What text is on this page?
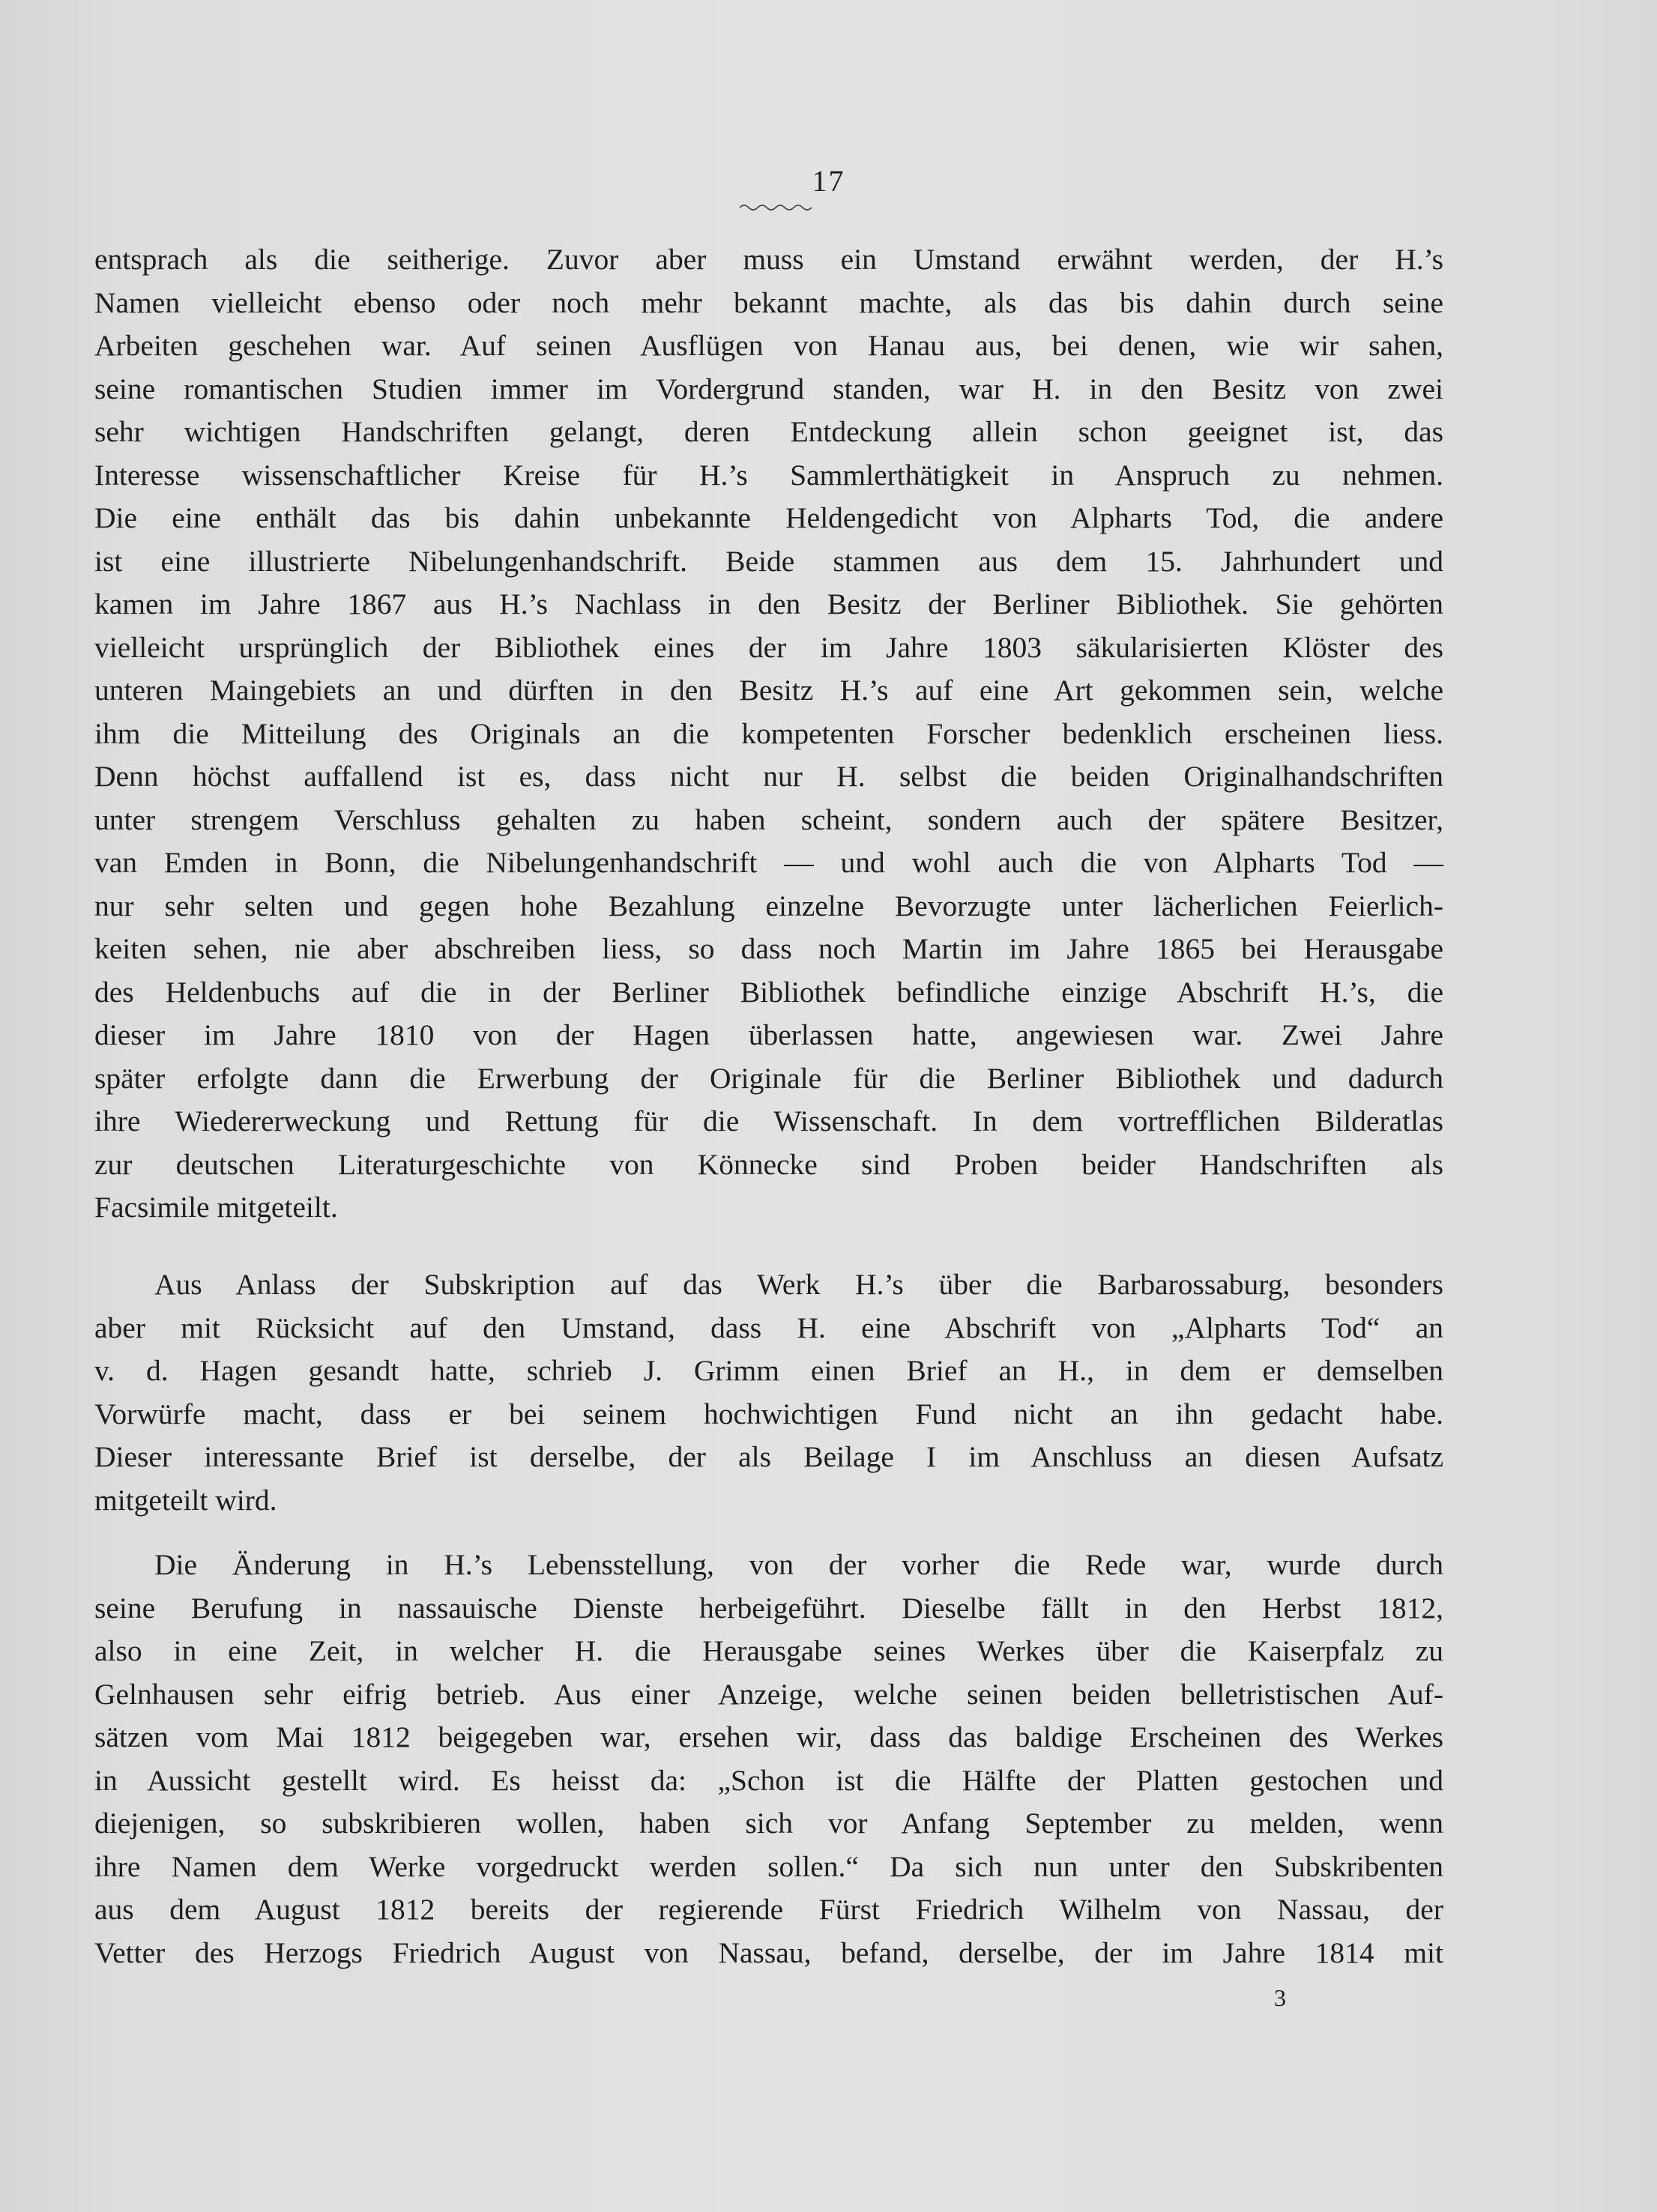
17
entsprach als die seitherige. Zuvor aber muss ein Umstand erwähnt werden, der H.’s
Namen vielleicht ebenso oder noch mehr bekannt machte, als das bis dahin durch seine
Arbeiten geschehen war. Auf seinen Ausflügen von Hanau aus, bei denen, wie wir sahen,
seine romantischen Studien immer im Vordergrund standen, war H. in den Besitz von zwei
sehr wichtigen Handschriften gelangt, deren Entdeckung allein schon geeignet ist, das
Interesse wissenschaftlicher Kreise für H.’s Sammlerthätigkeit in Anspruch zu nehmen.
Die eine enthält das bis dahin unbekannte Heldengedicht von Alpharts Tod, die andere
ist eine illustrierte Nibelungenhandschrift. Beide stammen aus dem 15. Jahrhundert und
kamen im Jahre 1867 aus H.’s Nachlass in den Besitz der Berliner Bibliothek. Sie gehörten
vielleicht ursprünglich der Bibliothek eines der im Jahre 1803 säkularisierten Klöster des
unteren Maingebiets an und dürften in den Besitz H.’s auf eine Art gekommen sein, welche
ihm die Mitteilung des Originals an die kompetenten Forscher bedenklich erscheinen liess.
Denn höchst auffallend ist es, dass nicht nur H. selbst die beiden Originalhandschriften
unter strengem Verschluss gehalten zu haben scheint, sondern auch der spätere Besitzer,
van Emden in Bonn, die Nibelungenhandschrift — und wohl auch die von Alpharts Tod —
nur sehr selten und gegen hohe Bezahlung einzelne Bevorzugte unter lächerlichen Feierlich-
keiten sehen, nie aber abschreiben liess, so dass noch Martin im Jahre 1865 bei Herausgabe
des Heldenbuchs auf die in der Berliner Bibliothek befindliche einzige Abschrift H.’s, die
dieser im Jahre 1810 von der Hagen überlassen hatte, angewiesen war. Zwei Jahre
später erfolgte dann die Erwerbung der Originale für die Berliner Bibliothek und dadurch
ihre Wiedererweckung und Rettung für die Wissenschaft. In dem vortrefflichen Bilderatlas
zur deutschen Literaturgeschichte von Könnecke sind Proben beider Handschriften als
Facsimile mitgeteilt.
Aus Anlass der Subskription auf das Werk H.’s über die Barbarossaburg, besonders
aber mit Rücksicht auf den Umstand, dass H. eine Abschrift von „Alpharts Tod“ an
v. d. Hagen gesandt hatte, schrieb J. Grimm einen Brief an H., in dem er demselben
Vorwürfe macht, dass er bei seinem hochwichtigen Fund nicht an ihn gedacht habe.
Dieser interessante Brief ist derselbe, der als Beilage I im Anschluss an diesen Aufsatz
mitgeteilt wird.
Die Änderung in H.’s Lebensstellung, von der vorher die Rede war, wurde durch
seine Berufung in nassauische Dienste herbeigeführt. Dieselbe fällt in den Herbst 1812,
also in eine Zeit, in welcher H. die Herausgabe seines Werkes über die Kaiserpfalz zu
Gelnhausen sehr eifrig betrieb. Aus einer Anzeige, welche seinen beiden belletristischen Auf-
sätzen vom Mai 1812 beigegeben war, ersehen wir, dass das baldige Erscheinen des Werkes
in Aussicht gestellt wird. Es heisst da: „Schon ist die Hälfte der Platten gestochen und
diejenigen, so subskribieren wollen, haben sich vor Anfang September zu melden, wenn
ihre Namen dem Werke vorgedruckt werden sollen.“ Da sich nun unter den Subskribenten
aus dem August 1812 bereits der regierende Fürst Friedrich Wilhelm von Nassau, der
Vetter des Herzogs Friedrich August von Nassau, befand, derselbe, der im Jahre 1814 mit
3
